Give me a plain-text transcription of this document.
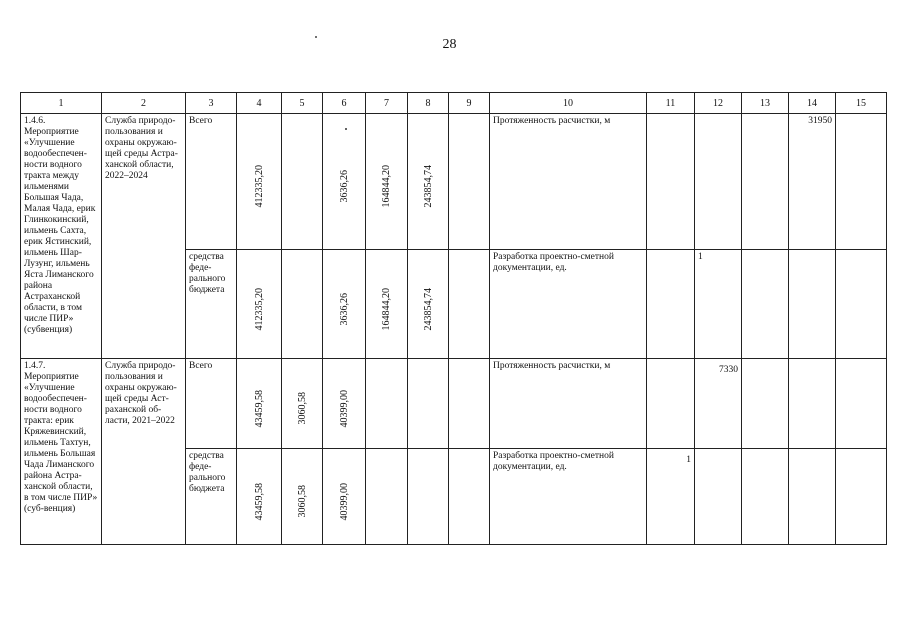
28
1	2	3	4	5	6	7	8	9	10	11	12	13	14	15
1.4.6. Мероприятие «Улучшение водообеспечен-ности водного тракта между ильменями Большая Чада, Малая Чада, ерик Глинкокинский, ильмень Сахта, ерик Ястинский, ильмень Шар-Лузунг, ильмень Яста Лиманского района Астраханской области, в том числе ПИР» (субвенция)	Служба природо-пользования и охраны окружаю-щей среды Астра-ханской области, 2022–2024	Всего	412335,20		3636,26	164844,20	243854,74		Протяженность расчистки, м				31950	
		средства феде-рального бюджета	412335,20		3636,26	164844,20	243854,74		Разработка проектно-сметной документации, ед.		1			
1.4.7. Мероприятие «Улучшение водообеспечен-ности водного тракта: ерик Кряжевинский, ильмень Тахтун, ильмень Большая Чада Лиманского района Астра-ханской области, в том числе ПИР» (суб-венция)	Служба природо-пользования и охраны окружаю-щей среды Аст-раханской об-ласти, 2021–2022	Всего	43459,58	3060,58	40399,00				Протяженность расчистки, м		7330			
		средства феде-рального бюджета	43459,58	3060,58	40399,00				Разработка проектно-сметной документации, ед.	1				
